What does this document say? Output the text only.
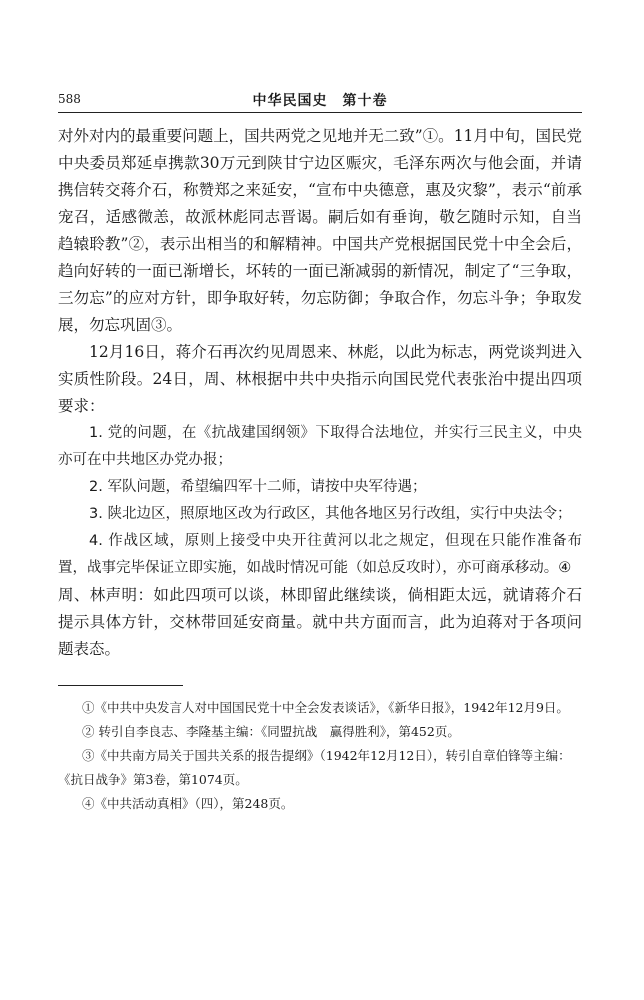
588	中华民国史　第十卷

对外对内的最重要问题上，国共两党之见地并无二致”①。11月中旬，国民党中央委员郑延卓携款30万元到陕甘宁边区赈灾，毛泽东两次与他会面，并请携信转交蒋介石，称赞郑之来延安，“宣布中央德意，惠及灾黎”，表示“前承宠召，适感微恙，故派林彪同志晋谒。嗣后如有垂询，敬乞随时示知，自当趋辕聆教”②，表示出相当的和解精神。中国共产党根据国民党十中全会后，趋向好转的一面已渐增长，坏转的一面已渐减弱的新情况，制定了“三争取，三勿忘”的应对方针，即争取好转，勿忘防御；争取合作，勿忘斗争；争取发展，勿忘巩固③。

12月16日，蒋介石再次约见周恩来、林彪，以此为标志，两党谈判进入实质性阶段。24日，周、林根据中共中央指示向国民党代表张治中提出四项要求：

1. 党的问题，在《抗战建国纲领》下取得合法地位，并实行三民主义，中央亦可在中共地区办党办报；

2. 军队问题，希望编四军十二师，请按中央军待遇；

3. 陕北边区，照原地区改为行政区，其他各地区另行改组，实行中央法令；

4. 作战区域，原则上接受中央开往黄河以北之规定，但现在只能作准备布置，战事完毕保证立即实施，如战时情况可能（如总反攻时），亦可商承移动。④

周、林声明：如此四项可以谈，林即留此继续谈，倘相距太远，就请蒋介石提示具体方针，交林带回延安商量。就中共方面而言，此为迫蒋对于各项问题表态。

①《中共中央发言人对中国国民党十中全会发表谈话》，《新华日报》，1942年12月9日。

② 转引自李良志、李隆基主编：《同盟抗战　赢得胜利》，第452页。

③《中共南方局关于国共关系的报告提纲》（1942年12月12日），转引自章伯锋等主编：《抗日战争》第3卷，第1074页。

④《中共活动真相》（四），第248页。
